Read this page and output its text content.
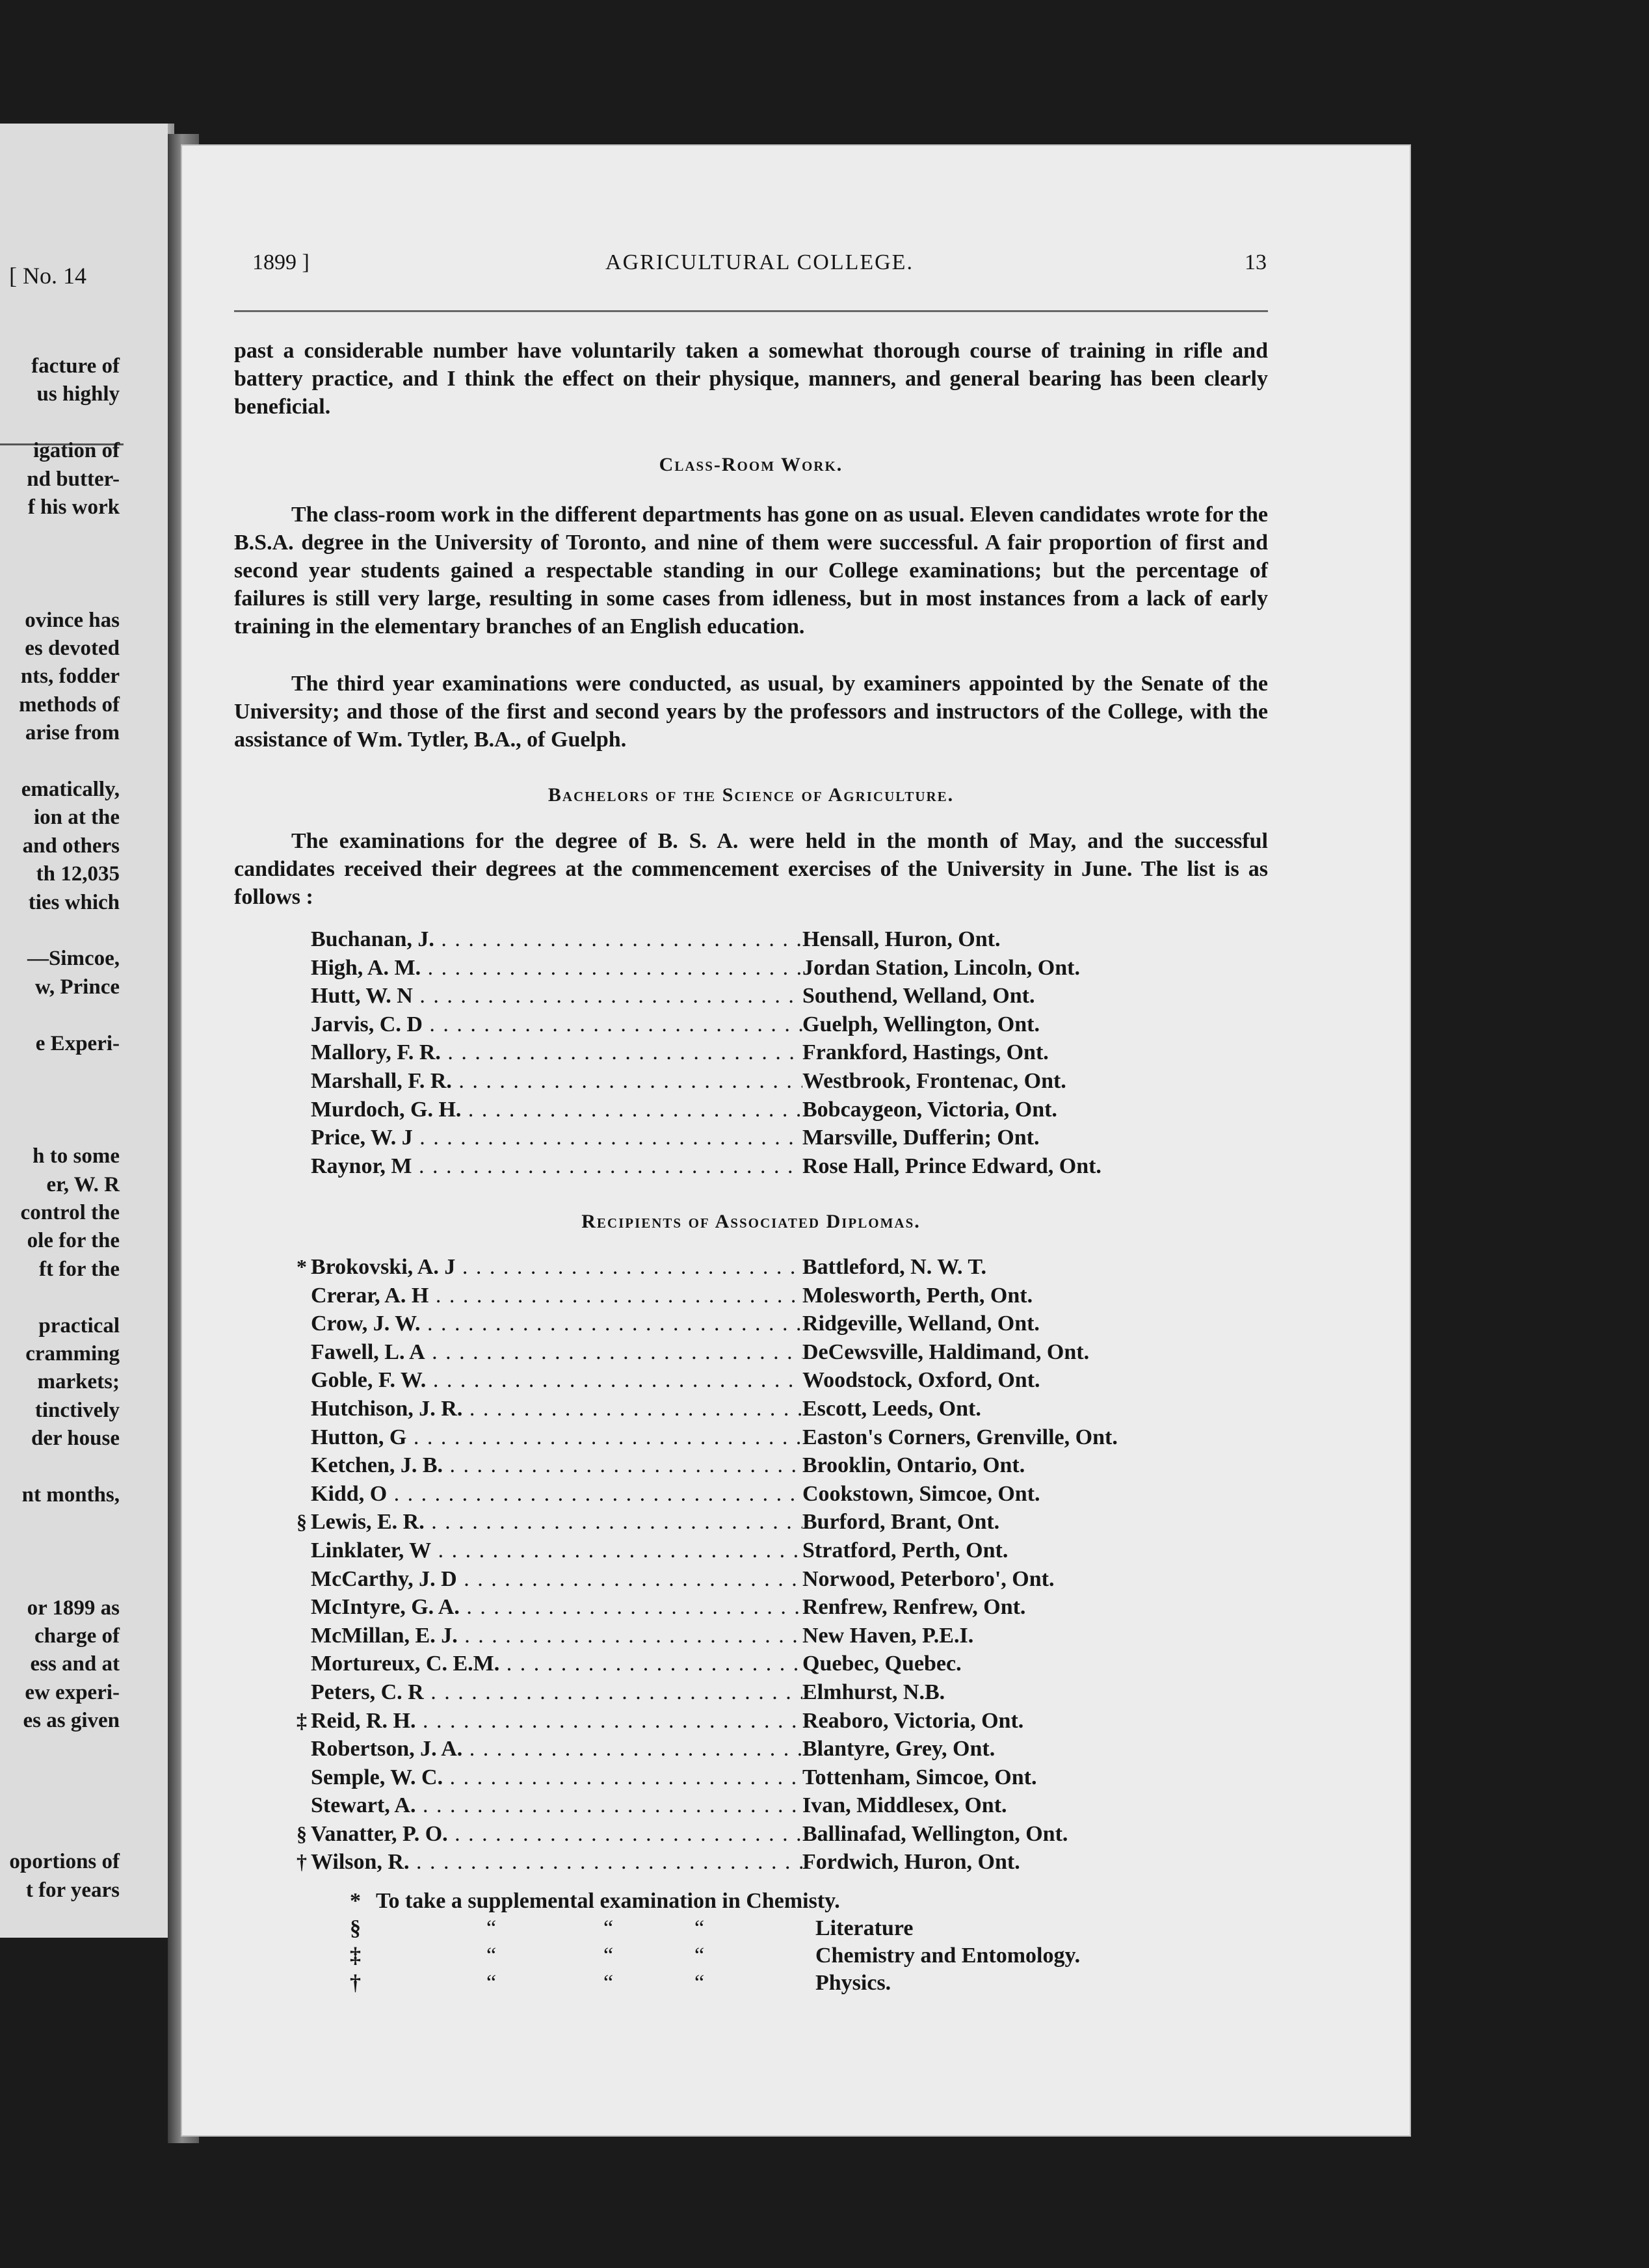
[ No. 14
facture of
us highly
igation of
nd butter-
f his work
ovince has
es devoted
nts, fodder
methods of
arise from
ematically,
ion at the
and others
th 12,035
ties which
—Simcoe,
w, Prince
e Experi-
h to some
er, W. R
control the
ole for the
ft for the
practical
cramming
markets;
tinctively
der house
nt months,
or 1899 as
charge of
ess and at
ew experi-
es as given
oportions of
t for years
1899 ]	AGRICULTURAL COLLEGE.	13

past a considerable number have voluntarily taken a somewhat thorough course of training in rifle and battery practice, and I think the effect on their physique, manners, and general bearing has been clearly beneficial.

Class-Room Work.

The class-room work in the different departments has gone on as usual. Eleven candidates wrote for the B.S.A. degree in the University of Toronto, and nine of them were successful. A fair proportion of first and second year students gained a respectable standing in our College examinations; but the percentage of failures is still very large, resulting in some cases from idleness, but in most instances from a lack of early training in the elementary branches of an English education.

The third year examinations were conducted, as usual, by examiners appointed by the Senate of the University; and those of the first and second years by the professors and instructors of the College, with the assistance of Wm. Tytler, B.A., of Guelph.

Bachelors of the Science of Agriculture.

The examinations for the degree of B. S. A. were held in the month of May, and the successful candidates received their degrees at the commencement exercises of the University in June. The list is as follows :

Buchanan, J. . . .	Hensall, Huron, Ont.
High, A. M. . . .	Jordan Station, Lincoln, Ont.
Hutt, W. N . . .	Southend, Welland, Ont.
Jarvis, C. D . . .	Guelph, Wellington, Ont.
Mallory, F. R. . . .	Frankford, Hastings, Ont.
Marshall, F. R. . . .	Westbrook, Frontenac, Ont.
Murdoch, G. H. . . .	Bobcaygeon, Victoria, Ont.
Price, W. J . . .	Marsville, Dufferin; Ont.
Raynor, M . . .	Rose Hall, Prince Edward, Ont.
Recipients of Associated Diplomas.
* Brokovski, A. J . . .	Battleford, N. W. T.
Crerar, A. H . . .	Molesworth, Perth, Ont.
Crow, J. W. . . .	Ridgeville, Welland, Ont.
Fawell, L. A . . .	DeCewsville, Haldimand, Ont.
Goble, F. W. . . .	Woodstock, Oxford, Ont.
Hutchison, J. R. . . .	Escott, Leeds, Ont.
Hutton, G . . .	Easton's Corners, Grenville, Ont.
Ketchen, J. B. . . .	Brooklin, Ontario, Ont.
Kidd, O . . .	Cookstown, Simcoe, Ont.
§ Lewis, E. R. . . .	Burford, Brant, Ont.
Linklater, W . . .	Stratford, Perth, Ont.
McCarthy, J. D . . .	Norwood, Peterboro', Ont.
McIntyre, G. A. . . .	Renfrew, Renfrew, Ont.
McMillan, E. J. . . .	New Haven, P.E.I.
Mortureux, C. E.M. . . .	Quebec, Quebec.
Peters, C. R . . .	Elmhurst, N.B.
‡ Reid, R. H. . . .	Reaboro, Victoria, Ont.
Robertson, J. A. . . .	Blantyre, Grey, Ont.
Semple, W. C. . . .	Tottenham, Simcoe, Ont.
Stewart, A. . . .	Ivan, Middlesex, Ont.
§ Vanatter, P. O. . . .	Ballinafad, Wellington, Ont.
† Wilson, R. . . .	Fordwich, Huron, Ont.
* To take a supplemental examination in Chemisty.
§	“	“	“	Literature
‡	“	“	“	Chemistry and Entomology.
†	“	“	“	Physics.
